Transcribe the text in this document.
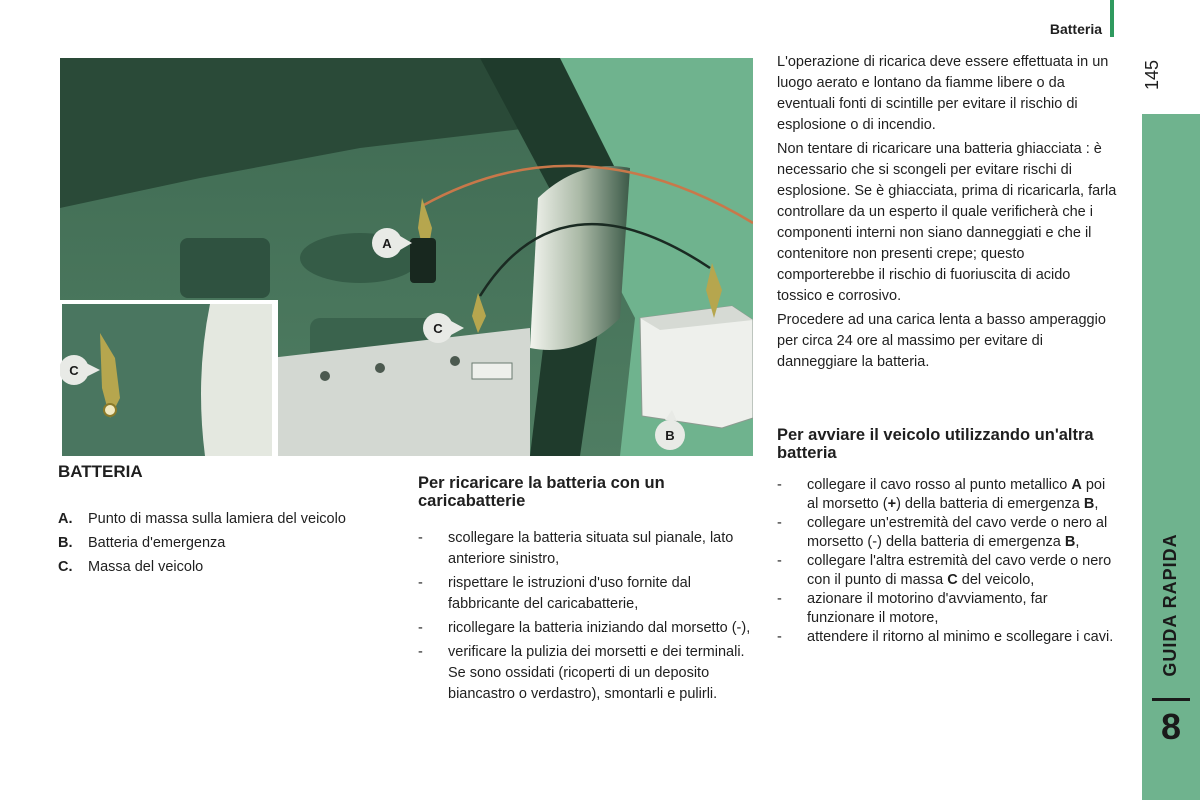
Batteria
145
GUIDA RAPIDA
8
A
C
C
B
BATTERIA
A.	Punto di massa sulla lamiera del veicolo
B.	Batteria d'emergenza
C.	Massa del veicolo
Per ricaricare la batteria con un caricabatterie
-	scollegare la batteria situata sul pianale, lato anteriore sinistro,
-	rispettare le istruzioni d'uso fornite dal fabbricante del caricabatterie,
-	ricollegare la batteria iniziando dal morsetto (-),
-	verificare la pulizia dei morsetti e dei terminali. Se sono ossidati (ricoperti di un deposito biancastro o verdastro), smontarli e pulirli.

L'operazione di ricarica deve essere effettuata in un luogo aerato e lontano da fiamme libere o da eventuali fonti di scintille per evitare il rischio di esplosione o di incendio.

Non tentare di ricaricare una batteria ghiacciata : è necessario che si scongeli per evitare rischi di esplosione. Se è ghiacciata, prima di ricaricarla, farla controllare da un esperto il quale verificherà che i componenti interni non siano danneggiati e che il contenitore non presenti crepe; questo comporterebbe il rischio di fuoriuscita di acido tossico e corrosivo.

Procedere ad una carica lenta a basso amperaggio per circa 24 ore al massimo per evitare di danneggiare la batteria.

Per avviare il veicolo utilizzando un'altra batteria
-	collegare il cavo rosso al punto metallico A poi al morsetto (+) della batteria di emergenza B,
-	collegare un'estremità del cavo verde o nero al morsetto (-) della batteria di emergenza B,
-	collegare l'altra estremità del cavo verde o nero con il punto di massa C del veicolo,
-	azionare il motorino d'avviamento, far funzionare il motore,
-	attendere il ritorno al minimo e scollegare i cavi.
